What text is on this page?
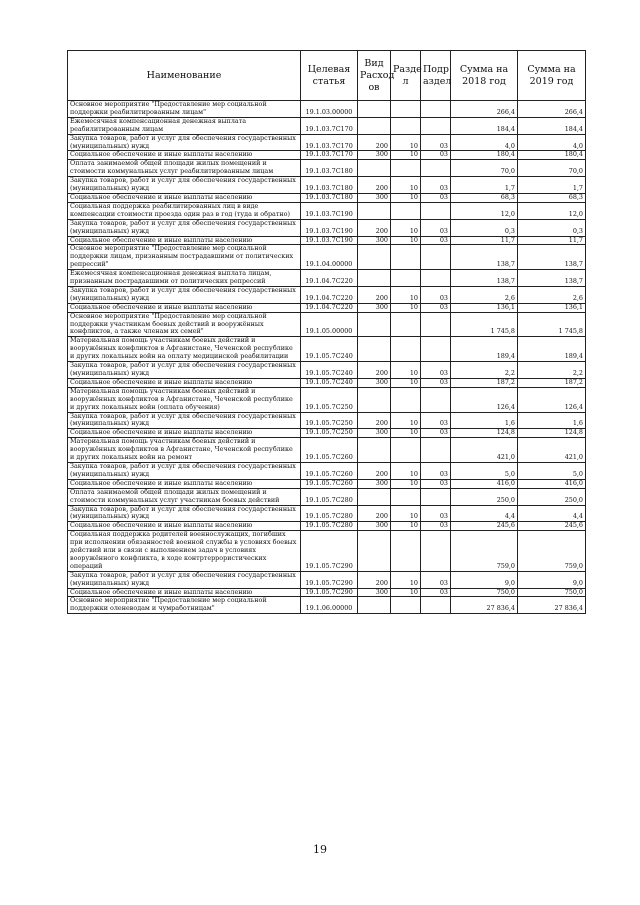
Наименование	Целевая статья	Вид Расход ов	Разде л	Подр аздел	Сумма на 2018 год	Сумма на 2019 год
Основное мероприятие "Предоставление мер социальной поддержки реабилитированным лицам"	19.1.03.00000				266,4	266,4
Ежемесячная компенсационная денежная выплата реабилитированным лицам	19.1.03.7С170				184,4	184,4
Закупка товаров, работ и услуг для обеспечения государственных (муниципальных) нужд	19.1.03.7С170	200	10	03	4,0	4,0
Социальное обеспечение и иные выплаты населению	19.1.03.7С170	300	10	03	180,4	180,4
Оплата занимаемой общей площади жилых помещений и стоимости коммунальных услуг реабилитированным лицам	19.1.03.7С180				70,0	70,0
Закупка товаров, работ и услуг для обеспечения государственных (муниципальных) нужд	19.1.03.7С180	200	10	03	1,7	1,7
Социальное обеспечение и иные выплаты населению	19.1.03.7С180	300	10	03	68,3	68,3
Социальная поддержка реабилитированных лиц в виде компенсации стоимости проезда один раз в год (туда и обратно)	19.1.03.7С190				12,0	12,0
Закупка товаров, работ и услуг для обеспечения государственных (муниципальных) нужд	19.1.03.7С190	200	10	03	0,3	0,3
Социальное обеспечение и иные выплаты населению	19.1.03.7С190	300	10	03	11,7	11,7
Основное мероприятие "Предоставление мер социальной поддержки лицам, признанным пострадавшими от политических репрессий"	19.1.04.00000				138,7	138,7
Ежемесячная компенсационная денежная выплата лицам, признанным пострадавшими от политических репрессий	19.1.04.7С220				138,7	138,7
Закупка товаров, работ и услуг для обеспечения государственных (муниципальных) нужд	19.1.04.7С220	200	10	03	2,6	2,6
Социальное обеспечение и иные выплаты населению	19.1.04.7С220	300	10	03	136,1	136,1
Основное мероприятие "Предоставление мер социальной поддержки участникам боевых действий и вооружённых конфликтов, а также членам их семей"	19.1.05.00000				1 745,8	1 745,8
Материальная помощь участникам боевых действий и вооружённых конфликтов в Афганистане, Чеченской республике и других локальных войн на оплату медицинской реабилитации	19.1.05.7С240				189,4	189,4
Закупка товаров, работ и услуг для обеспечения государственных (муниципальных) нужд	19.1.05.7С240	200	10	03	2,2	2,2
Социальное обеспечение и иные выплаты населению	19.1.05.7С240	300	10	03	187,2	187,2
Материальная помощь участникам боевых действий и вооружённых конфликтов в Афганистане, Чеченской республике и других локальных войн (оплата обучения)	19.1.05.7С250				126,4	126,4
Закупка товаров, работ и услуг для обеспечения государственных (муниципальных) нужд	19.1.05.7С250	200	10	03	1,6	1,6
Социальное обеспечение и иные выплаты населению	19.1.05.7С250	300	10	03	124,8	124,8
Материальная помощь участникам боевых действий и вооружённых конфликтов в Афганистане, Чеченской республике и других локальных войн на ремонт	19.1.05.7С260				421,0	421,0
Закупка товаров, работ и услуг для обеспечения государственных (муниципальных) нужд	19.1.05.7С260	200	10	03	5,0	5,0
Социальное обеспечение и иные выплаты населению	19.1.05.7С260	300	10	03	416,0	416,0
Оплата занимаемой общей площади жилых помещений и стоимости коммунальных услуг участникам боевых действий	19.1.05.7С280				250,0	250,0
Закупка товаров, работ и услуг для обеспечения государственных (муниципальных) нужд	19.1.05.7С280	200	10	03	4,4	4,4
Социальное обеспечение и иные выплаты населению	19.1.05.7С280	300	10	03	245,6	245,6
Социальная поддержка родителей военнослужащих, погибших при исполнении обязанностей военной службы в условиях боевых действий или в связи с выполнением задач в условиях вооружённого конфликта, в ходе контртеррористических операций	19.1.05.7С290				759,0	759,0
Закупка товаров, работ и услуг для обеспечения государственных (муниципальных) нужд	19.1.05.7С290	200	10	03	9,0	9,0
Социальное обеспечение и иные выплаты населению	19.1.05.7С290	300	10	03	750,0	750,0
Основное мероприятие "Предоставление мер социальной поддержки оленеводам и чумработницам"	19.1.06.00000				27 836,4	27 836,4
19
